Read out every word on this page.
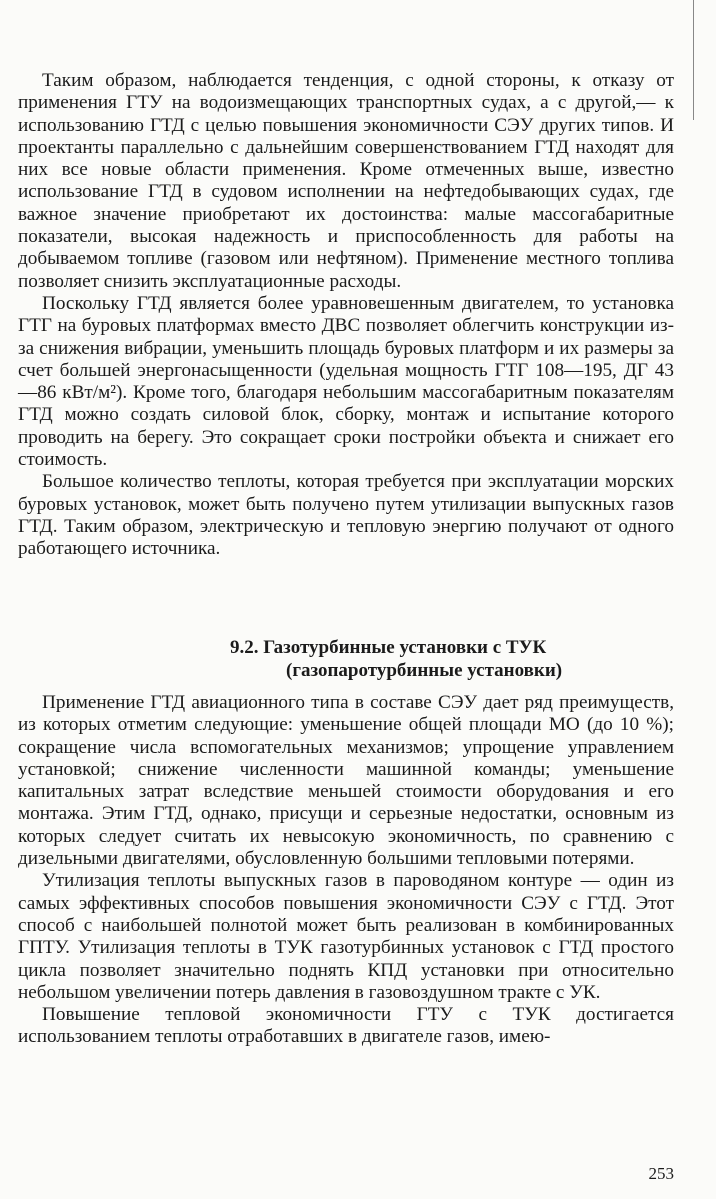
Таким образом, наблюдается тенденция, с одной стороны, к отказу от применения ГТУ на водоизмещающих транспортных судах, а с другой,— к использованию ГТД с целью повышения экономичности СЭУ других типов. И проектанты параллельно с дальнейшим совершенствованием ГТД находят для них все новые области применения. Кроме отмеченных выше, известно использование ГТД в судовом исполнении на нефтедобывающих судах, где важное значение приобретают их достоинства: малые массогабаритные показатели, высокая надежность и приспособленность для работы на добываемом топливе (газовом или нефтяном). Применение местного топлива позволяет снизить эксплуатационные расходы.

Поскольку ГТД является более уравновешенным двигателем, то установка ГТГ на буровых платформах вместо ДВС позволяет облегчить конструкции из-за снижения вибрации, уменьшить площадь буровых платформ и их размеры за счет большей энергонасыщенности (удельная мощность ГТГ 108—195, ДГ 43—86 кВт/м²). Кроме того, благодаря небольшим массогабаритным показателям ГТД можно создать силовой блок, сборку, монтаж и испытание которого проводить на берегу. Это сокращает сроки постройки объекта и снижает его стоимость.

Большое количество теплоты, которая требуется при эксплуатации морских буровых установок, может быть получено путем утилизации выпускных газов ГТД. Таким образом, электрическую и тепловую энергию получают от одного работающего источника.

9.2. Газотурбинные установки с ТУК
(газопаротурбинные установки)

Применение ГТД авиационного типа в составе СЭУ дает ряд преимуществ, из которых отметим следующие: уменьшение общей площади МО (до 10 %); сокращение числа вспомогательных механизмов; упрощение управлением установкой; снижение численности машинной команды; уменьшение капитальных затрат вследствие меньшей стоимости оборудования и его монтажа. Этим ГТД, однако, присущи и серьезные недостатки, основным из которых следует считать их невысокую экономичность, по сравнению с дизельными двигателями, обусловленную большими тепловыми потерями.

Утилизация теплоты выпускных газов в пароводяном контуре — один из самых эффективных способов повышения экономичности СЭУ с ГТД. Этот способ с наибольшей полнотой может быть реализован в комбинированных ГПТУ. Утилизация теплоты в ТУК газотурбинных установок с ГТД простого цикла позволяет значительно поднять КПД установки при относительно небольшом увеличении потерь давления в газовоздушном тракте с УК.

Повышение тепловой экономичности ГТУ с ТУК достигается использованием теплоты отработавших в двигателе газов, имею-

253
